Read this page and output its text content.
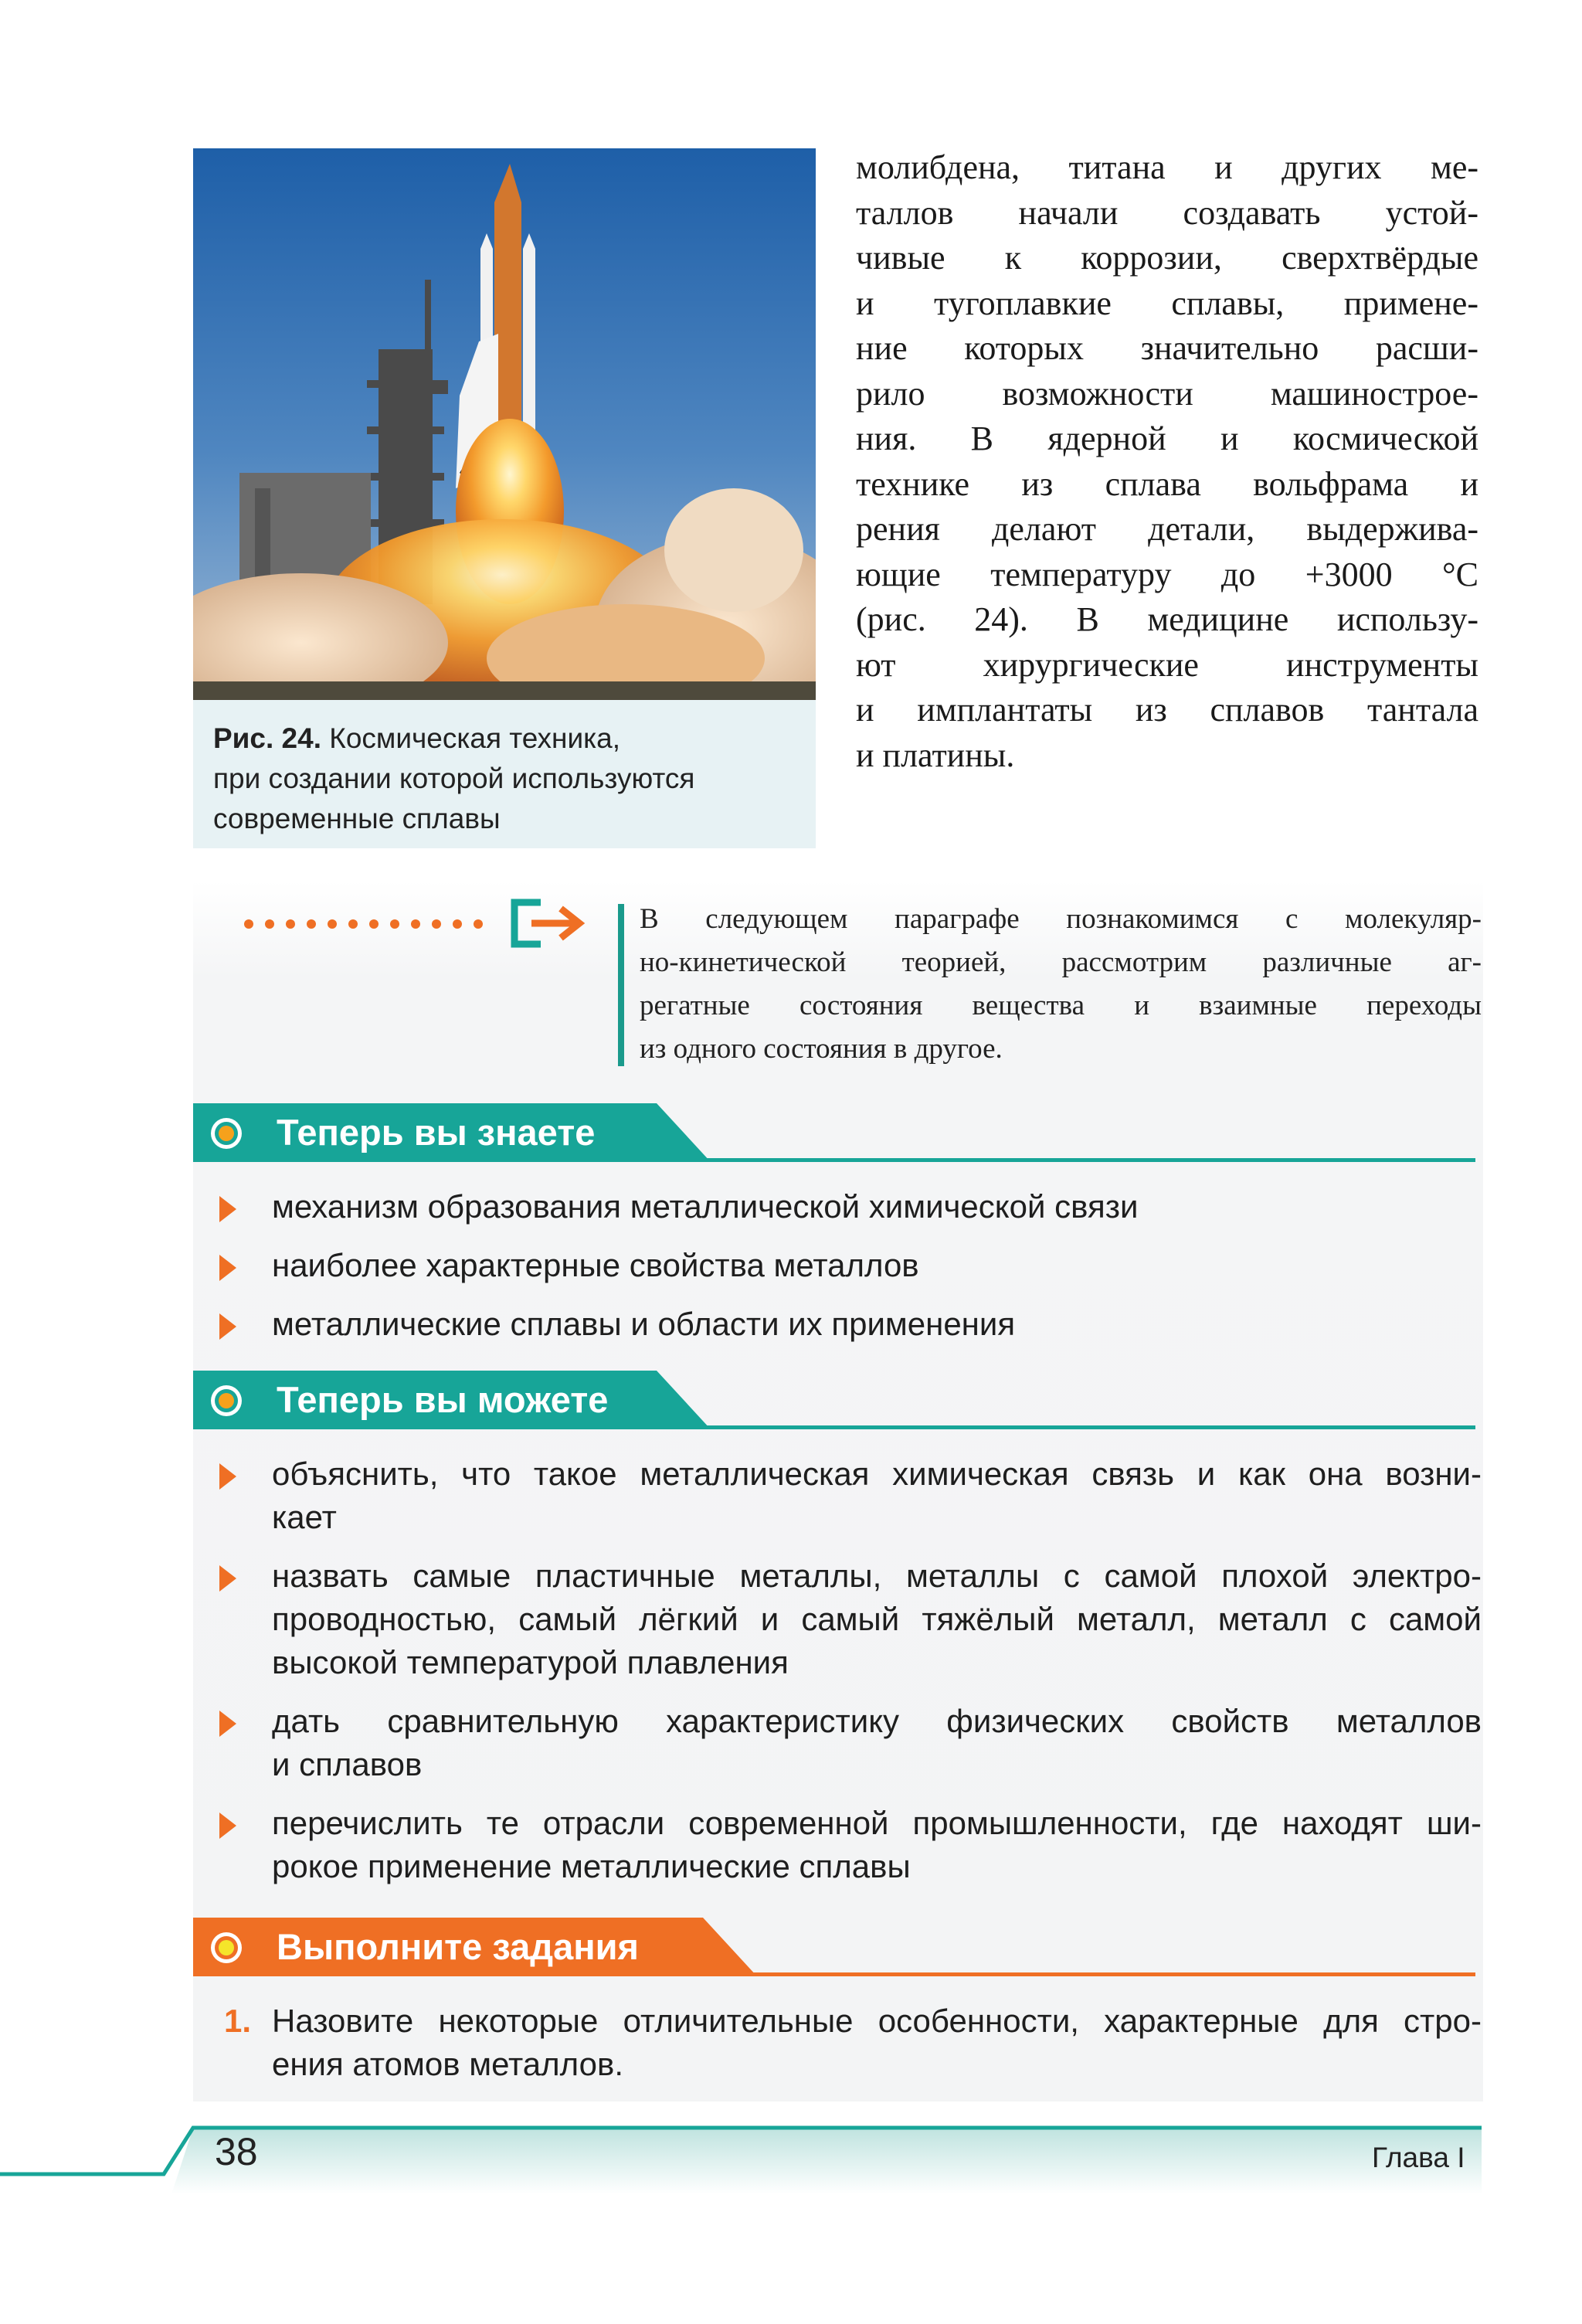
Рис. 24. Космическая техника,
при создании которой используются
современные сплавы
молибдена, титана и других ме-
таллов начали создавать устой-
чивые к коррозии, сверхтвёрдые
и тугоплавкие сплавы, примене-
ние которых значительно расши-
рило возможности машинострое-
ния. В ядерной и космической
технике из сплава вольфрама и
рения делают детали, выдержива-
ющие температуру до +3000 °C
(рис. 24). В медицине использу-
ют хирургические инструменты
и имплантаты из сплавов тантала
и платины.
В следующем параграфе познакомимся с молекуляр-
но-кинетической теорией, рассмотрим различные аг-
регатные состояния вещества и взаимные переходы
из одного состояния в другое.
Теперь вы знаете
механизм образования металлической химической связи
наиболее характерные свойства металлов
металлические сплавы и области их применения
Теперь вы можете
объяснить, что такое металлическая химическая связь и как она возни-
кает
назвать самые пластичные металлы, металлы с самой плохой электро-
проводностью, самый лёгкий и самый тяжёлый металл, металл с самой
высокой температурой плавления
дать сравнительную характеристику физических свойств металлов
и сплавов
перечислить те отрасли современной промышленности, где находят ши-
рокое применение металлические сплавы
Выполните задания
1. Назовите некоторые отличительные особенности, характерные для стро-
ения атомов металлов.
38	Глава I
